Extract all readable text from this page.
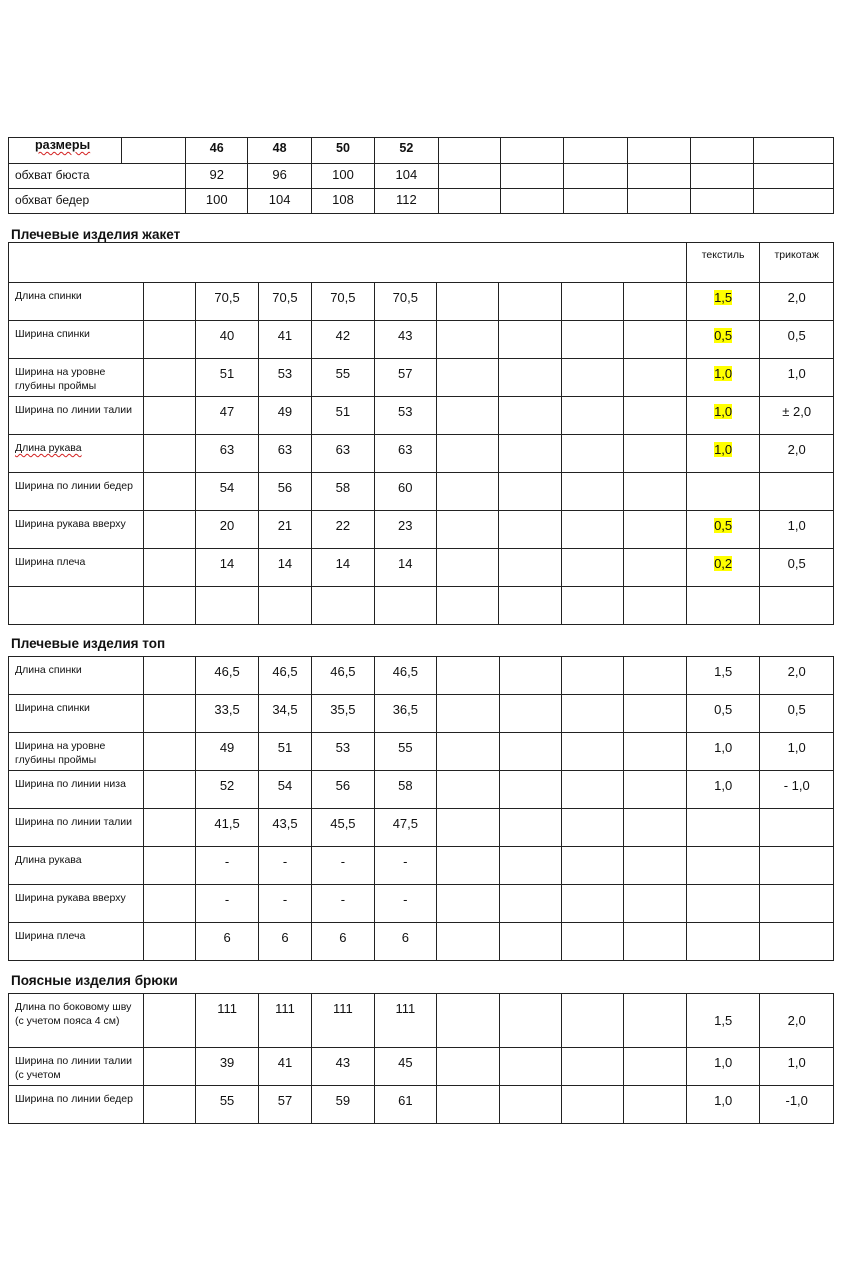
размеры		46	48	50	52						
обхват бюста		92	96	100	104						
обхват бедер		100	104	108	112						
Плечевые изделия жакет
										текстиль	трикотаж
Длина спинки		70,5	70,5	70,5	70,5					1,5	2,0
Ширина спинки		40	41	42	43					0,5	0,5
Ширина на уровне глубины проймы		51	53	55	57					1,0	1,0
Ширина по линии талии		47	49	51	53					1,0	± 2,0
Длина рукава		63	63	63	63					1,0	2,0
Ширина по линии бедер		54	56	58	60						
Ширина рукава вверху		20	21	22	23					0,5	1,0
Ширина плеча		14	14	14	14					0,2	0,5

Плечевые изделия топ
Длина спинки		46,5	46,5	46,5	46,5					1,5	2,0
Ширина спинки		33,5	34,5	35,5	36,5					0,5	0,5
Ширина на уровне глубины проймы		49	51	53	55					1,0	1,0
Ширина по линии низа		52	54	56	58					1,0	- 1,0
Ширина по линии талии		41,5	43,5	45,5	47,5						
Длина рукава		-	-	-	-						
Ширина рукава вверху		-	-	-	-						
Ширина плеча		6	6	6	6						
Поясные изделия брюки
Длина по боковому шву (с учетом пояса 4 см)		111	111	111	111					1,5	2,0
Ширина по линии талии (с учетом		39	41	43	45					1,0	1,0
Ширина по линии бедер		55	57	59	61					1,0	-1,0
